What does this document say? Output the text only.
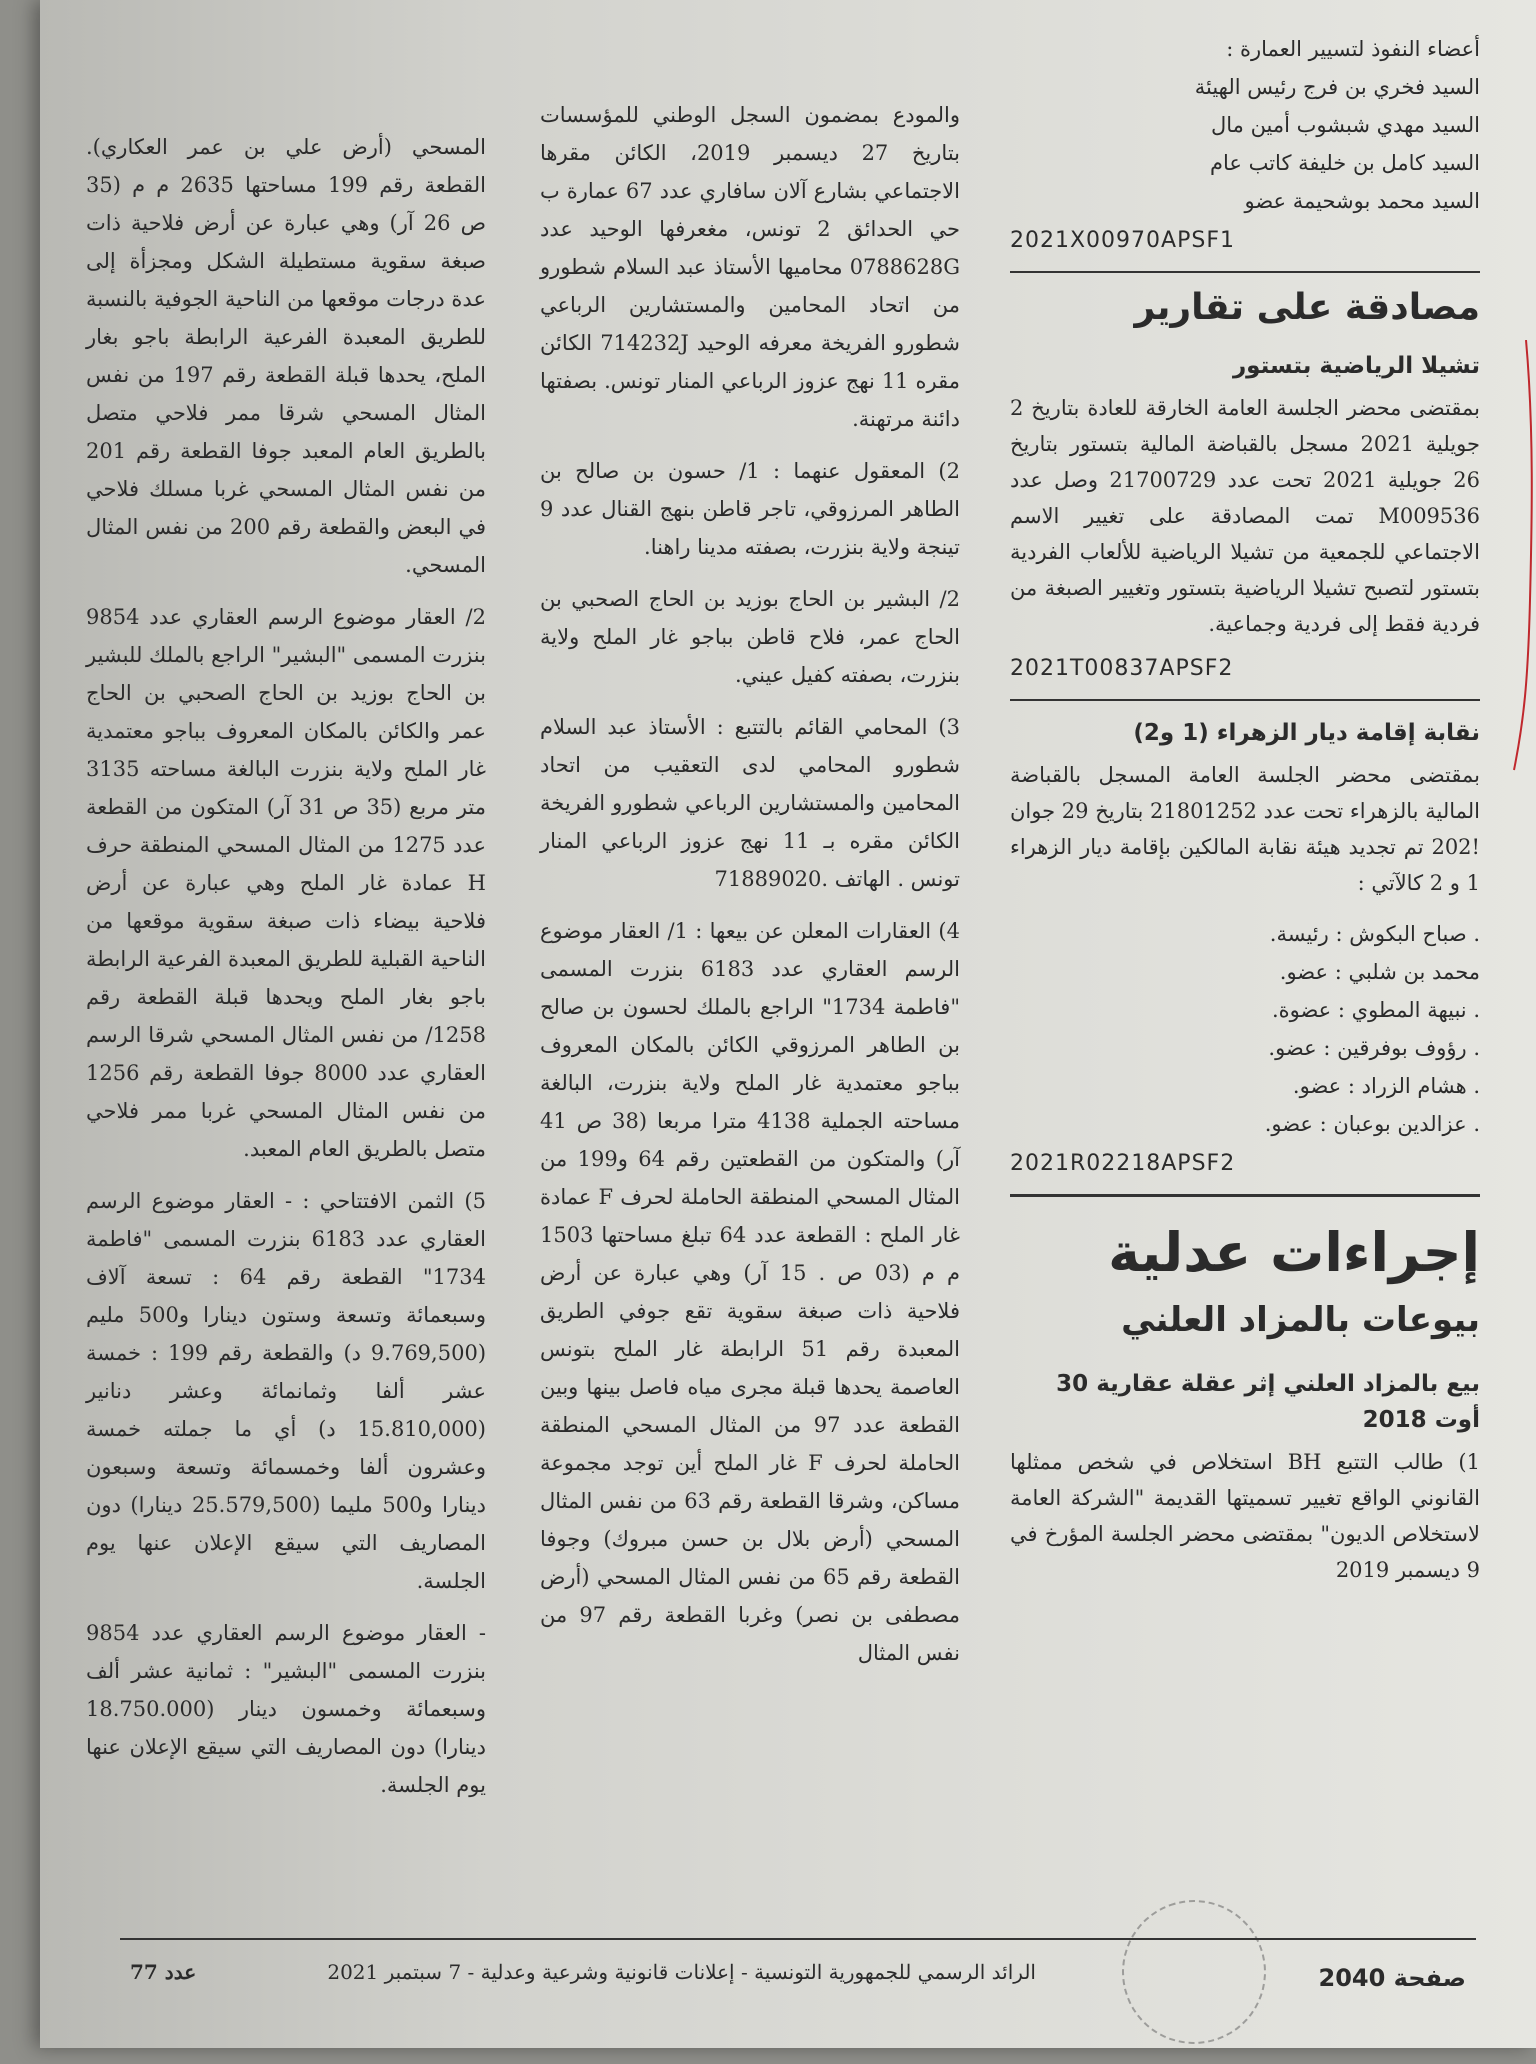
أعضاء النفوذ لتسيير العمارة :

السيد فخري بن فرج رئيس الهيئة

السيد مهدي شبشوب أمين مال

السيد كامل بن خليفة كاتب عام

السيد محمد بوشحيمة عضو

2021X00970APSF1

مصادقة على تقارير
تشيلا الرياضية بتستور

بمقتضى محضر الجلسة العامة الخارقة للعادة بتاريخ 2 جويلية 2021 مسجل بالقباضة المالية بتستور بتاريخ 26 جويلية 2021 تحت عدد 21700729 وصل عدد M009536 تمت المصادقة على تغيير الاسم الاجتماعي للجمعية من تشيلا الرياضية للألعاب الفردية بتستور لتصبح تشيلا الرياضية بتستور وتغيير الصبغة من فردية فقط إلى فردية وجماعية.

2021T00837APSF2

نقابة إقامة ديار الزهراء (1 و2)

بمقتضى محضر الجلسة العامة المسجل بالقباضة المالية بالزهراء تحت عدد 21801252 بتاريخ 29 جوان !202 تم تجديد هيئة نقابة المالكين بإقامة ديار الزهراء 1 و 2 كالآتي :

. صباح البكوش : رئيسة.

محمد بن شلبي : عضو.

. نبيهة المطوي : عضوة.

. رؤوف بوفرقين : عضو.

. هشام الزراد : عضو.

. عزالدين بوعبان : عضو.

2021R02218APSF2

إجراءات عدلية
بيوعات بالمزاد العلني
بيع بالمزاد العلني إثر عقلة عقارية 30 أوت 2018

1) طالب التتبع BH استخلاص في شخص ممثلها القانوني الواقع تغيير تسميتها القديمة "الشركة العامة لاستخلاص الديون" بمقتضى محضر الجلسة المؤرخ في 9 ديسمبر 2019

والمودع بمضمون السجل الوطني للمؤسسات بتاريخ 27 ديسمبر 2019، الكائن مقرها الاجتماعي بشارع آلان سافاري عدد 67 عمارة ب حي الحدائق 2 تونس، مغعرفها الوحيد عدد 0788628G محاميها الأستاذ عبد السلام شطورو من اتحاد المحامين والمستشارين الرباعي شطورو الفريخة معرفه الوحيد 714232J الكائن مقره 11 نهج عزوز الرباعي المنار تونس. بصفتها دائنة مرتهنة.

2) المعقول عنهما : 1/ حسون بن صالح بن الطاهر المرزوقي، تاجر قاطن بنهج القنال عدد 9 تينجة ولاية بنزرت، بصفته مدينا راهنا.

2/ البشير بن الحاج بوزيد بن الحاج الصحبي بن الحاج عمر، فلاح قاطن بباجو غار الملح ولاية بنزرت، بصفته كفيل عيني.

3) المحامي القائم بالتتبع : الأستاذ عبد السلام شطورو المحامي لدى التعقيب من اتحاد المحامين والمستشارين الرباعي شطورو الفريخة الكائن مقره بـ 11 نهج عزوز الرباعي المنار تونس . الهاتف .71889020

4) العقارات المعلن عن بيعها : 1/ العقار موضوع الرسم العقاري عدد 6183 بنزرت المسمى "فاطمة 1734" الراجع بالملك لحسون بن صالح بن الطاهر المرزوقي الكائن بالمكان المعروف بباجو معتمدية غار الملح ولاية بنزرت، البالغة مساحته الجملية 4138 مترا مربعا (38 ص 41 آر) والمتكون من القطعتين رقم 64 و199 من المثال المسحي المنطقة الحاملة لحرف F عمادة غار الملح : القطعة عدد 64 تبلغ مساحتها 1503 م م (03 ص . 15 آر) وهي عبارة عن أرض فلاحية ذات صبغة سقوية تقع جوفي الطريق المعبدة رقم 51 الرابطة غار الملح بتونس العاصمة يحدها قبلة مجرى مياه فاصل بينها وبين القطعة عدد 97 من المثال المسحي المنطقة الحاملة لحرف F غار الملح أين توجد مجموعة مساكن، وشرقا القطعة رقم 63 من نفس المثال المسحي (أرض بلال بن حسن مبروك) وجوفا القطعة رقم 65 من نفس المثال المسحي (أرض مصطفى بن نصر) وغربا القطعة رقم 97 من نفس المثال

المسحي (أرض علي بن عمر العكاري). القطعة رقم 199 مساحتها 2635 م م (35 ص 26 آر) وهي عبارة عن أرض فلاحية ذات صبغة سقوية مستطيلة الشكل ومجزأة إلى عدة درجات موقعها من الناحية الجوفية بالنسبة للطريق المعبدة الفرعية الرابطة باجو بغار الملح، يحدها قبلة القطعة رقم 197 من نفس المثال المسحي شرقا ممر فلاحي متصل بالطريق العام المعبد جوفا القطعة رقم 201 من نفس المثال المسحي غربا مسلك فلاحي في البعض والقطعة رقم 200 من نفس المثال المسحي.

2/ العقار موضوع الرسم العقاري عدد 9854 بنزرت المسمى "البشير" الراجع بالملك للبشير بن الحاج بوزيد بن الحاج الصحبي بن الحاج عمر والكائن بالمكان المعروف بباجو معتمدية غار الملح ولاية بنزرت البالغة مساحته 3135 متر مربع (35 ص 31 آر) المتكون من القطعة عدد 1275 من المثال المسحي المنطقة حرف H عمادة غار الملح وهي عبارة عن أرض فلاحية بيضاء ذات صبغة سقوية موقعها من الناحية القبلية للطريق المعبدة الفرعية الرابطة باجو بغار الملح ويحدها قبلة القطعة رقم 1258/ من نفس المثال المسحي شرقا الرسم العقاري عدد 8000 جوفا القطعة رقم 1256 من نفس المثال المسحي غربا ممر فلاحي متصل بالطريق العام المعبد.

5) الثمن الافتتاحي : - العقار موضوع الرسم العقاري عدد 6183 بنزرت المسمى "فاطمة 1734" القطعة رقم 64 : تسعة آلاف وسبعمائة وتسعة وستون دينارا و500 مليم (9.769,500 د) والقطعة رقم 199 : خمسة عشر ألفا وثمانمائة وعشر دنانير (15.810,000 د) أي ما جملته خمسة وعشرون ألفا وخمسمائة وتسعة وسبعون دينارا و500 مليما (25.579,500 دينارا) دون المصاريف التي سيقع الإعلان عنها يوم الجلسة.

- العقار موضوع الرسم العقاري عدد 9854 بنزرت المسمى "البشير" : ثمانية عشر ألف وسبعمائة وخمسون دينار (18.750.000 دينارا) دون المصاريف التي سيقع الإعلان عنها يوم الجلسة.

صفحة 2040
الرائد الرسمي للجمهورية التونسية - إعلانات قانونية وشرعية وعدلية - 7 سبتمبر 2021
عدد 77
